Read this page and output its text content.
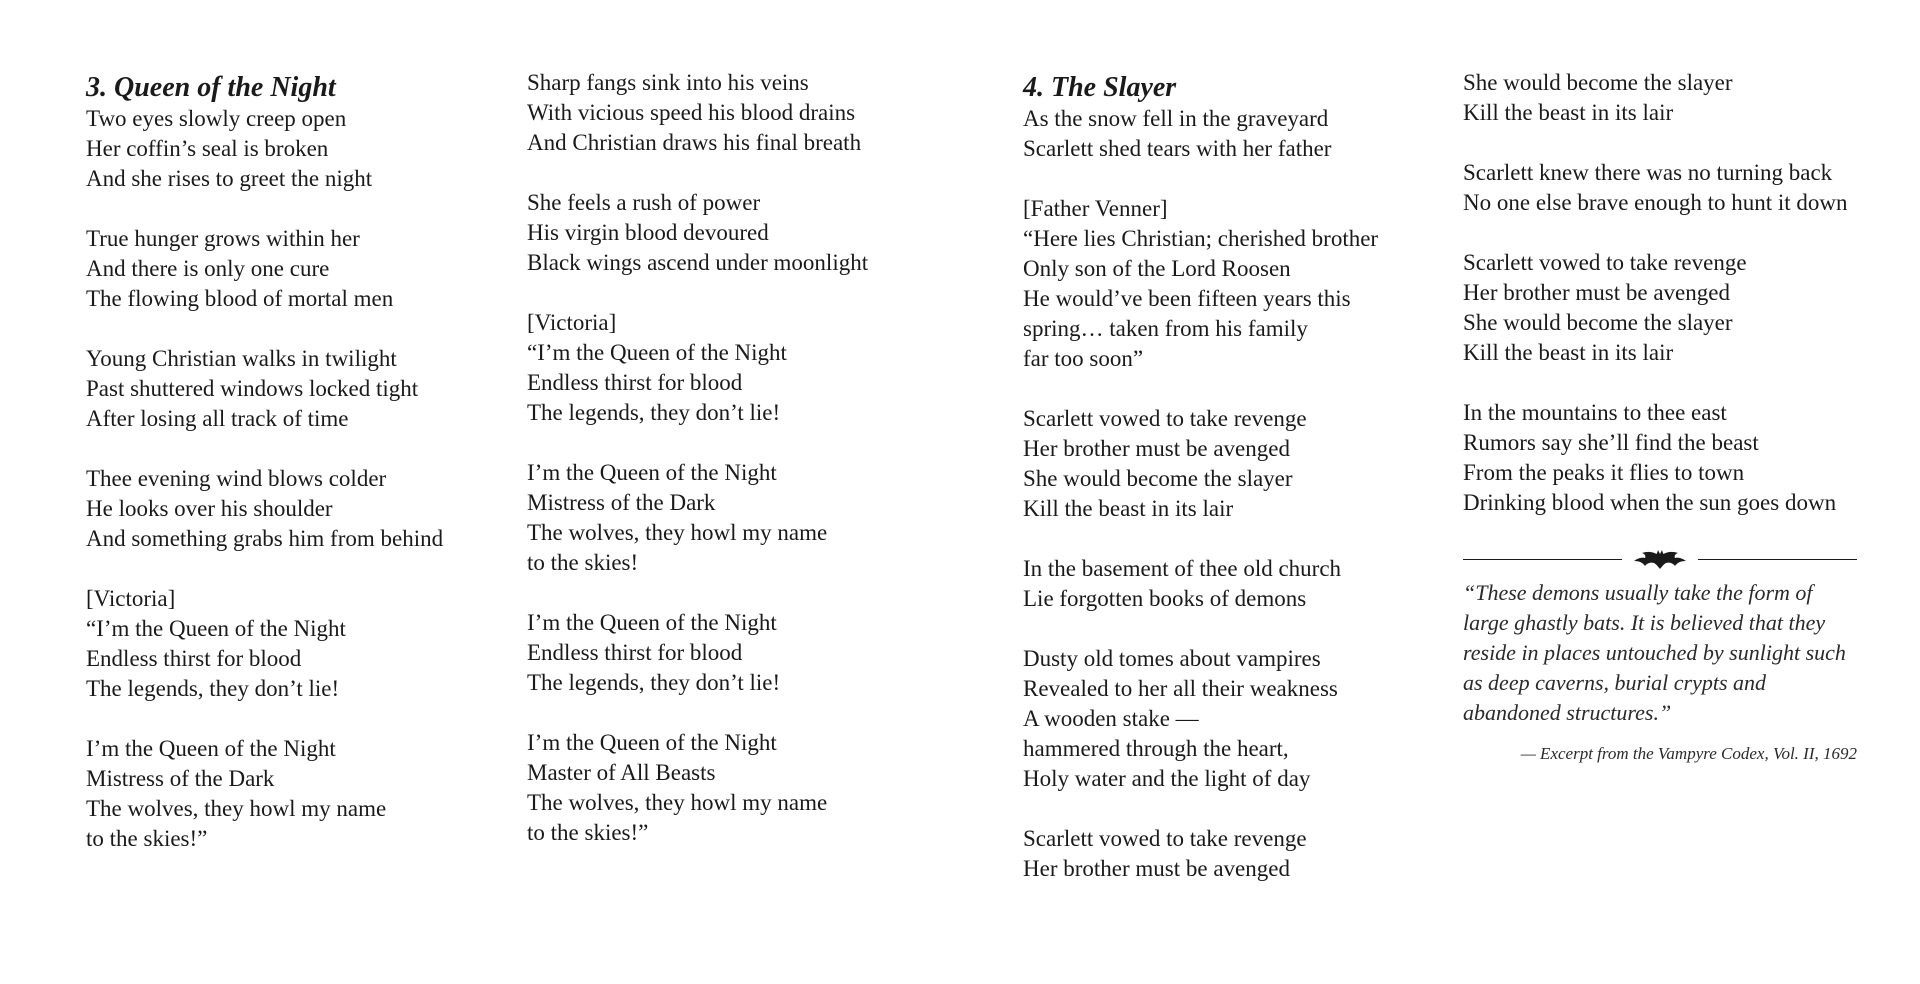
3. Queen of the Night
Two eyes slowly creep open
Her coffin’s seal is broken
And she rises to greet the night
True hunger grows within her
And there is only one cure
The flowing blood of mortal men
Young Christian walks in twilight
Past shuttered windows locked tight
After losing all track of time
Thee evening wind blows colder
He looks over his shoulder
And something grabs him from behind
[Victoria]
“I’m the Queen of the Night
Endless thirst for blood
The legends, they don’t lie!
I’m the Queen of the Night
Mistress of the Dark
The wolves, they howl my name
to the skies!”
Sharp fangs sink into his veins
With vicious speed his blood drains
And Christian draws his final breath
She feels a rush of power
His virgin blood devoured
Black wings ascend under moonlight
[Victoria]
“I’m the Queen of the Night
Endless thirst for blood
The legends, they don’t lie!
I’m the Queen of the Night
Mistress of the Dark
The wolves, they howl my name
to the skies!
I’m the Queen of the Night
Endless thirst for blood
The legends, they don’t lie!
I’m the Queen of the Night
Master of All Beasts
The wolves, they howl my name
to the skies!”
4. The Slayer
As the snow fell in the graveyard
Scarlett shed tears with her father
[Father Venner]
“Here lies Christian; cherished brother
Only son of the Lord Roosen
He would’ve been fifteen years this
spring… taken from his family
far too soon”
Scarlett vowed to take revenge
Her brother must be avenged
She would become the slayer
Kill the beast in its lair
In the basement of thee old church
Lie forgotten books of demons
Dusty old tomes about vampires
Revealed to her all their weakness
A wooden stake —
hammered through the heart,
Holy water and the light of day
Scarlett vowed to take revenge
Her brother must be avenged
She would become the slayer
Kill the beast in its lair
Scarlett knew there was no turning back
No one else brave enough to hunt it down
Scarlett vowed to take revenge
Her brother must be avenged
She would become the slayer
Kill the beast in its lair
In the mountains to thee east
Rumors say she’ll find the beast
From the peaks it flies to town
Drinking blood when the sun goes down
“These demons usually take the form of
large ghastly bats. It is believed that they
reside in places untouched by sunlight such
as deep caverns, burial crypts and
abandoned structures.”
— Excerpt from the Vampyre Codex, Vol. II, 1692
